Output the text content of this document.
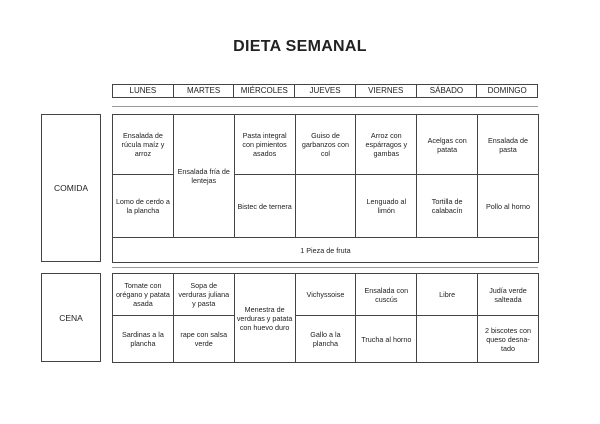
DIETA SEMANAL
LUNES	MARTES	MIÉRCOLES	JUEVES	VIERNES	SÁBADO	DOMINGO
COMIDA
Ensalada de rúcula maíz y arroz	Ensalada fría de lentejas	Pasta integral con pimientos asados	Guiso de garbanzos con col	Arroz con espárragos y gambas	Acelgas con patata	Ensalada de pasta
Lomo de cerdo a la plancha		Bistec de ternera		Lenguado al limón	Tortilla de calabacín	Pollo al horno
1 Pieza de fruta						
CENA
Tomate con orégano y patata asada	Sopa de verduras juliana y pasta	Menestra de verduras y patata con huevo duro	Vichyssoise	Ensalada con cuscús	Libre	Judía verde salteada
Sardinas a la plancha	rape con salsa verde		Gallo a la plancha	Trucha al horno		2 biscotes con queso desna-tado
